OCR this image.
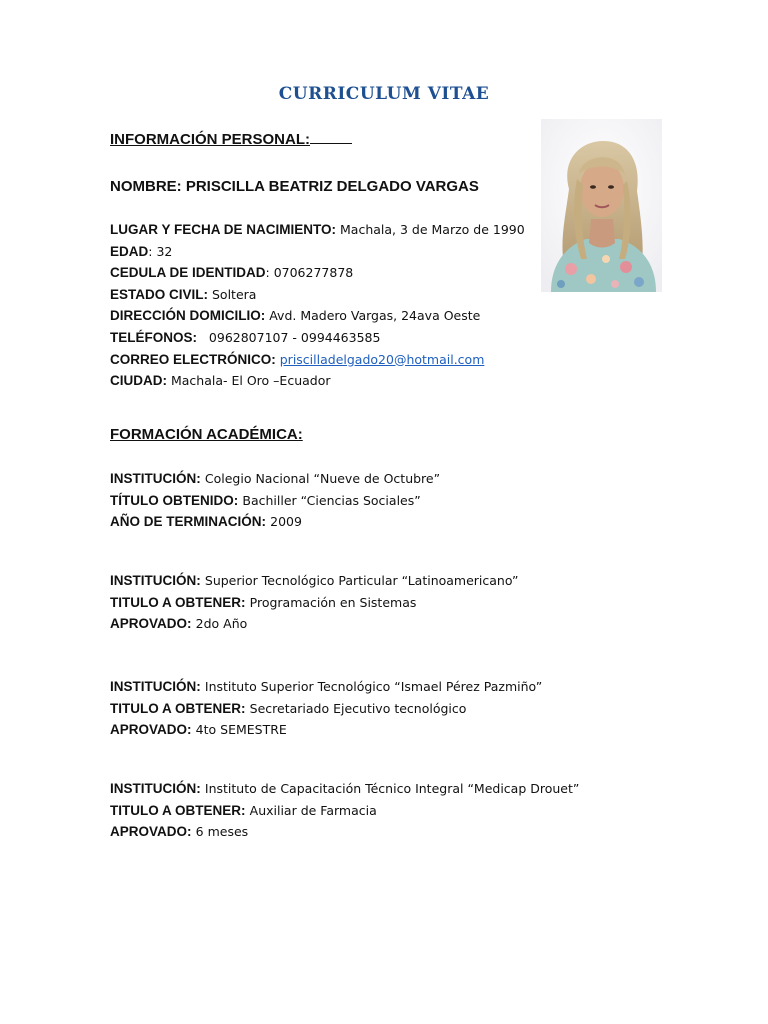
CURRICULUM VITAE
INFORMACIÓN PERSONAL:
NOMBRE: PRISCILLA BEATRIZ DELGADO VARGAS
LUGAR Y FECHA DE NACIMIENTO: Machala, 3 de Marzo de 1990
EDAD: 32
CEDULA DE IDENTIDAD: 0706277878
ESTADO CIVIL: Soltera
DIRECCIÓN DOMICILIO: Avd. Madero Vargas, 24ava Oeste
TELÉFONOS: 0962807107 - 0994463585
CORREO ELECTRÓNICO: priscilladelgado20@hotmail.com
CIUDAD: Machala- El Oro –Ecuador
FORMACIÓN ACADÉMICA:
INSTITUCIÓN: Colegio Nacional “Nueve de Octubre”
TÍTULO OBTENIDO: Bachiller “Ciencias Sociales”
AÑO DE TERMINACIÓN: 2009
INSTITUCIÓN: Superior Tecnológico Particular “Latinoamericano”
TITULO A OBTENER: Programación en Sistemas
APROVADO: 2do Año
INSTITUCIÓN: Instituto Superior Tecnológico “Ismael Pérez Pazmiño”
TITULO A OBTENER: Secretariado Ejecutivo tecnológico
APROVADO: 4to SEMESTRE
INSTITUCIÓN: Instituto de Capacitación Técnico Integral “Medicap Drouet”
TITULO A OBTENER: Auxiliar de Farmacia
APROVADO: 6 meses
